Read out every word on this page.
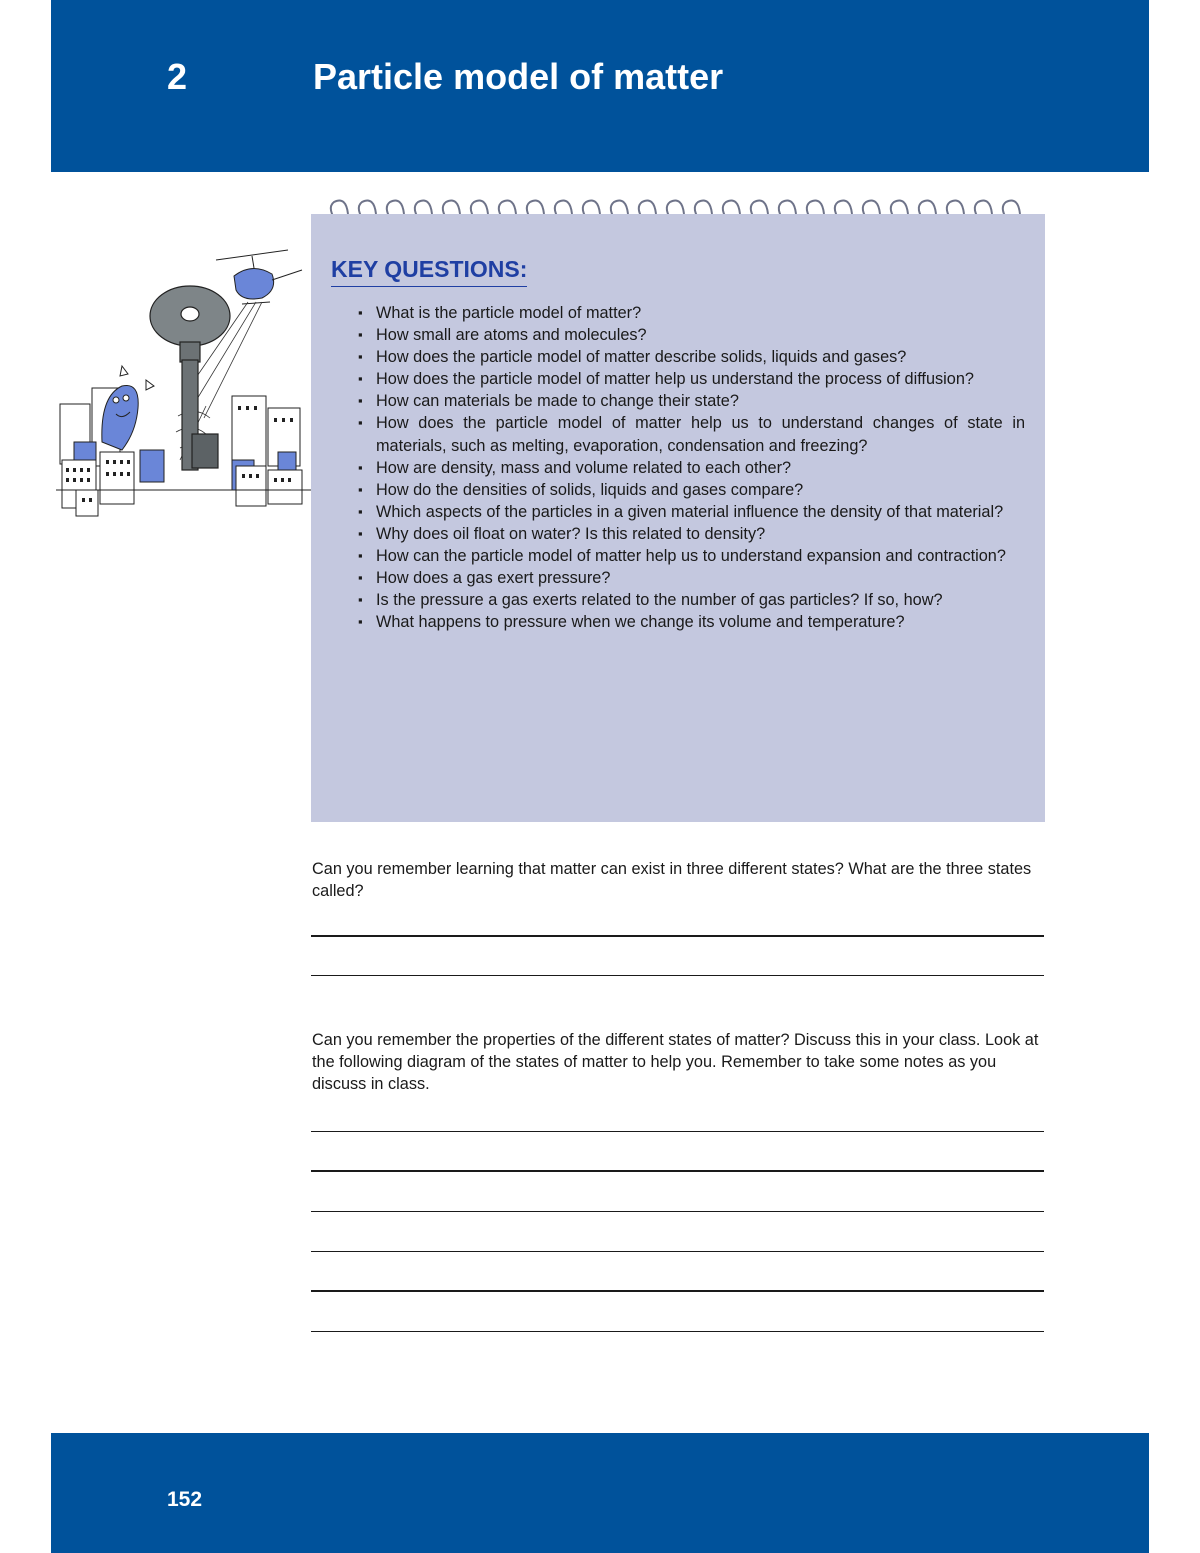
2	Particle model of matter
KEY QUESTIONS:
▪ What is the particle model of matter?
▪ How small are atoms and molecules?
▪ How does the particle model of matter describe solids, liquids and gases?
▪ How does the particle model of matter help us understand the process of diffusion?
▪ How can materials be made to change their state?
▪ How does the particle model of matter help us to understand changes of state in materials, such as melting, evaporation, condensation and freezing?
▪ How are density, mass and volume related to each other?
▪ How do the densities of solids, liquids and gases compare?
▪ Which aspects of the particles in a given material influence the density of that material?
▪ Why does oil float on water? Is this related to density?
▪ How can the particle model of matter help us to understand expansion and contraction?
▪ How does a gas exert pressure?
▪ Is the pressure a gas exerts related to the number of gas particles? If so, how?
▪ What happens to pressure when we change its volume and temperature?
Can you remember learning that matter can exist in three different states? What are the three states called?
Can you remember the properties of the different states of matter? Discuss this in your class. Look at the following diagram of the states of matter to help you. Remember to take some notes as you discuss in class.
152
